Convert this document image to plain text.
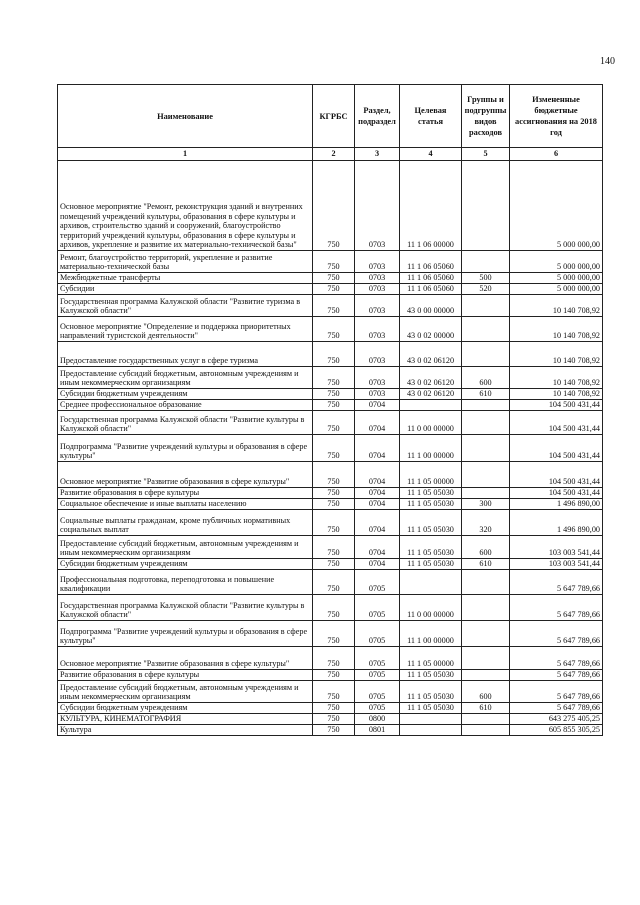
140
Наименование	КГРБС	Раздел, подраздел	Целевая статья	Группы и подгруппы видов расходов	Измененные бюджетные ассигнования на 2018 год
1	2	3	4	5	6
Основное мероприятие "Ремонт, реконструкция зданий и внутренних помещений учреждений культуры, образования в сфере культуры и архивов, строительство зданий и сооружений, благоустройство территорий учреждений культуры, образования в сфере культуры и архивов, укрепление и развитие их материально-технической базы"	750	0703	11 1 06 00000		5 000 000,00
Ремонт, благоустройство территорий, укрепление и развитие материально-технической базы	750	0703	11 1 06 05060		5 000 000,00
Межбюджетные трансферты	750	0703	11 1 06 05060	500	5 000 000,00
Субсидии	750	0703	11 1 06 05060	520	5 000 000,00
Государственная программа Калужской области "Развитие туризма в Калужской области"	750	0703	43 0 00 00000		10 140 708,92
Основное мероприятие "Определение и поддержка приоритетных направлений туристской деятельности"	750	0703	43 0 02 00000		10 140 708,92
Предоставление государственных услуг в сфере туризма	750	0703	43 0 02 06120		10 140 708,92
Предоставление субсидий бюджетным, автономным учреждениям и иным некоммерческим организациям	750	0703	43 0 02 06120	600	10 140 708,92
Субсидии бюджетным учреждениям	750	0703	43 0 02 06120	610	10 140 708,92
Среднее профессиональное образование	750	0704			104 500 431,44
Государственная программа Калужской области "Развитие культуры в Калужской области"	750	0704	11 0 00 00000		104 500 431,44
Подпрограмма "Развитие учреждений культуры и образования в сфере культуры"	750	0704	11 1 00 00000		104 500 431,44
Основное мероприятие "Развитие образования в сфере культуры"	750	0704	11 1 05 00000		104 500 431,44
Развитие образования в сфере культуры	750	0704	11 1 05 05030		104 500 431,44
Социальное обеспечение и иные выплаты населению	750	0704	11 1 05 05030	300	1 496 890,00
Социальные выплаты гражданам, кроме публичных нормативных социальных выплат	750	0704	11 1 05 05030	320	1 496 890,00
Предоставление субсидий бюджетным, автономным учреждениям и иным некоммерческим организациям	750	0704	11 1 05 05030	600	103 003 541,44
Субсидии бюджетным учреждениям	750	0704	11 1 05 05030	610	103 003 541,44
Профессиональная подготовка, переподготовка и повышение квалификации	750	0705			5 647 789,66
Государственная программа Калужской области "Развитие культуры в Калужской области"	750	0705	11 0 00 00000		5 647 789,66
Подпрограмма "Развитие учреждений культуры и образования в сфере культуры"	750	0705	11 1 00 00000		5 647 789,66
Основное мероприятие "Развитие образования в сфере культуры"	750	0705	11 1 05 00000		5 647 789,66
Развитие образования в сфере культуры	750	0705	11 1 05 05030		5 647 789,66
Предоставление субсидий бюджетным, автономным учреждениям и иным некоммерческим организациям	750	0705	11 1 05 05030	600	5 647 789,66
Субсидии бюджетным учреждениям	750	0705	11 1 05 05030	610	5 647 789,66
КУЛЬТУРА, КИНЕМАТОГРАФИЯ	750	0800			643 275 405,25
Культура	750	0801			605 855 305,25
